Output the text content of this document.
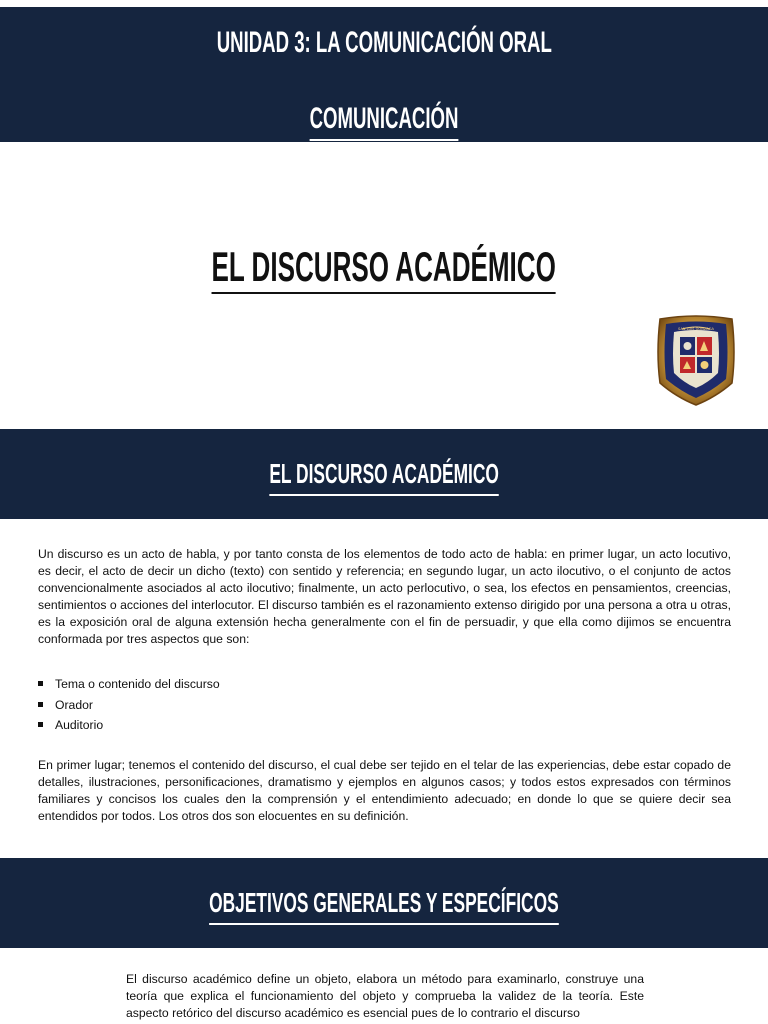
UNIDAD 3: LA COMUNICACIÓN ORAL
COMUNICACIÓN
EL DISCURSO ACADÉMICO
SAN LUIS GONZAGA
EL DISCURSO ACADÉMICO

Un discurso es un acto de habla, y por tanto consta de los elementos de todo acto de habla: en primer lugar, un acto locutivo, es decir, el acto de decir un dicho (texto) con sentido y referencia; en segundo lugar, un acto ilocutivo, o el conjunto de actos convencionalmente asociados al acto ilocutivo; finalmente, un acto perlocutivo, o sea, los efectos en pensamientos, creencias, sentimientos o acciones del interlocutor. El discurso también es el razonamiento extenso dirigido por una persona a otra u otras, es la exposición oral de alguna extensión hecha generalmente con el fin de persuadir, y que ella como dijimos se encuentra conformada por tres aspectos que son:

Tema o contenido del discurso
Orador
Auditorio

En primer lugar; tenemos el contenido del discurso, el cual debe ser tejido en el telar de las experiencias, debe estar copado de detalles, ilustraciones, personificaciones, dramatismo y ejemplos en algunos casos; y todos estos expresados con términos familiares y concisos los cuales den la comprensión y el entendimiento adecuado; en donde lo que se quiere decir sea entendidos por todos. Los otros dos son elocuentes en su definición.

OBJETIVOS GENERALES Y ESPECÍFICOS

El discurso académico define un objeto, elabora un método para examinarlo, construye una teoría que explica el funcionamiento del objeto y comprueba la validez de la teoría. Este aspecto retórico del discurso académico es esencial pues de lo contrario el discurso
